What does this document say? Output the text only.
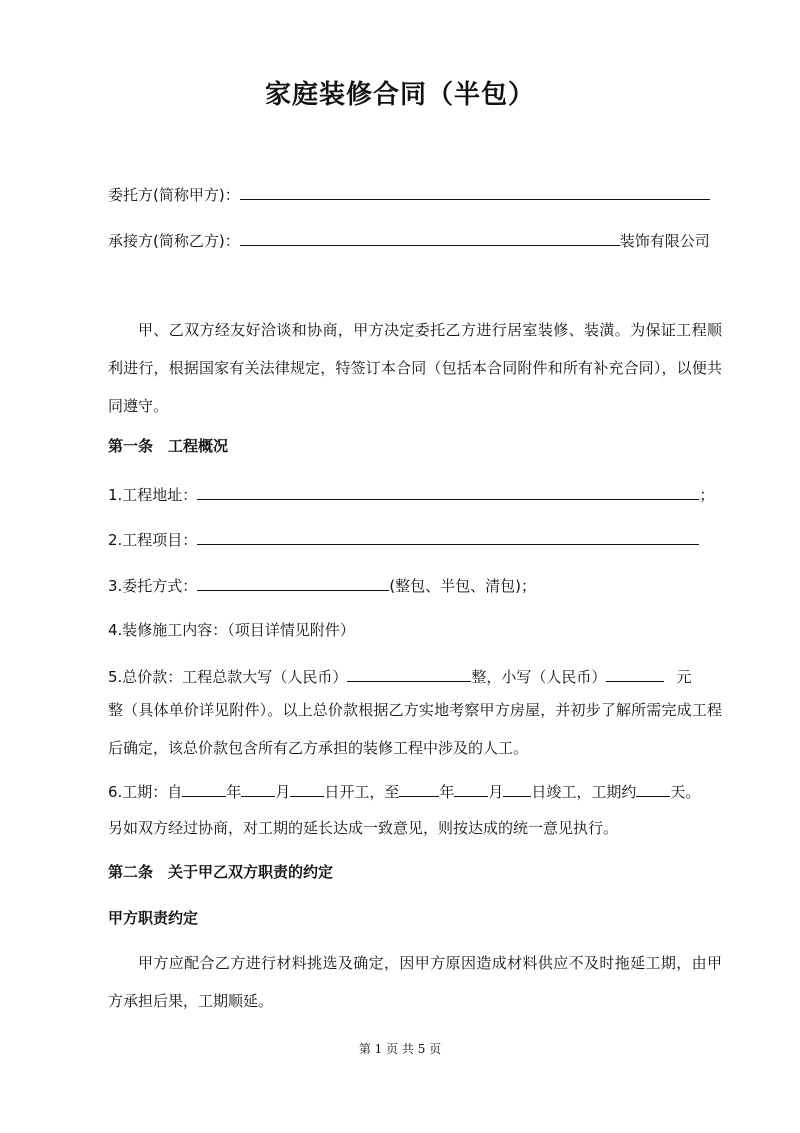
家庭装修合同（半包）
委托方(简称甲方)：
承接方(简称乙方)：	装饰有限公司
甲、乙双方经友好洽谈和协商，甲方决定委托乙方进行居室装修、装潢。为保证工程顺利进行，根据国家有关法律规定，特签订本合同（包括本合同附件和所有补充合同），以便共同遵守。
第一条　工程概况
1.工程地址：	；
2.工程项目：
3.委托方式：	(整包、半包、清包)；
4.装修施工内容：（项目详情见附件）
5.总价款：工程总款大写（人民币）	整，小写（人民币）	元
整（具体单价详见附件）。以上总价款根据乙方实地考察甲方房屋，并初步了解所需完成工程后确定，该总价款包含所有乙方承担的装修工程中涉及的人工。
6.工期：自	年 月 日开工，至	年 月 日竣工，工期约 天。
另如双方经过协商，对工期的延长达成一致意见，则按达成的统一意见执行。
第二条　关于甲乙双方职责的约定
甲方职责约定
甲方应配合乙方进行材料挑选及确定，因甲方原因造成材料供应不及时拖延工期，由甲方承担后果，工期顺延。
第 1 页 共 5 页
